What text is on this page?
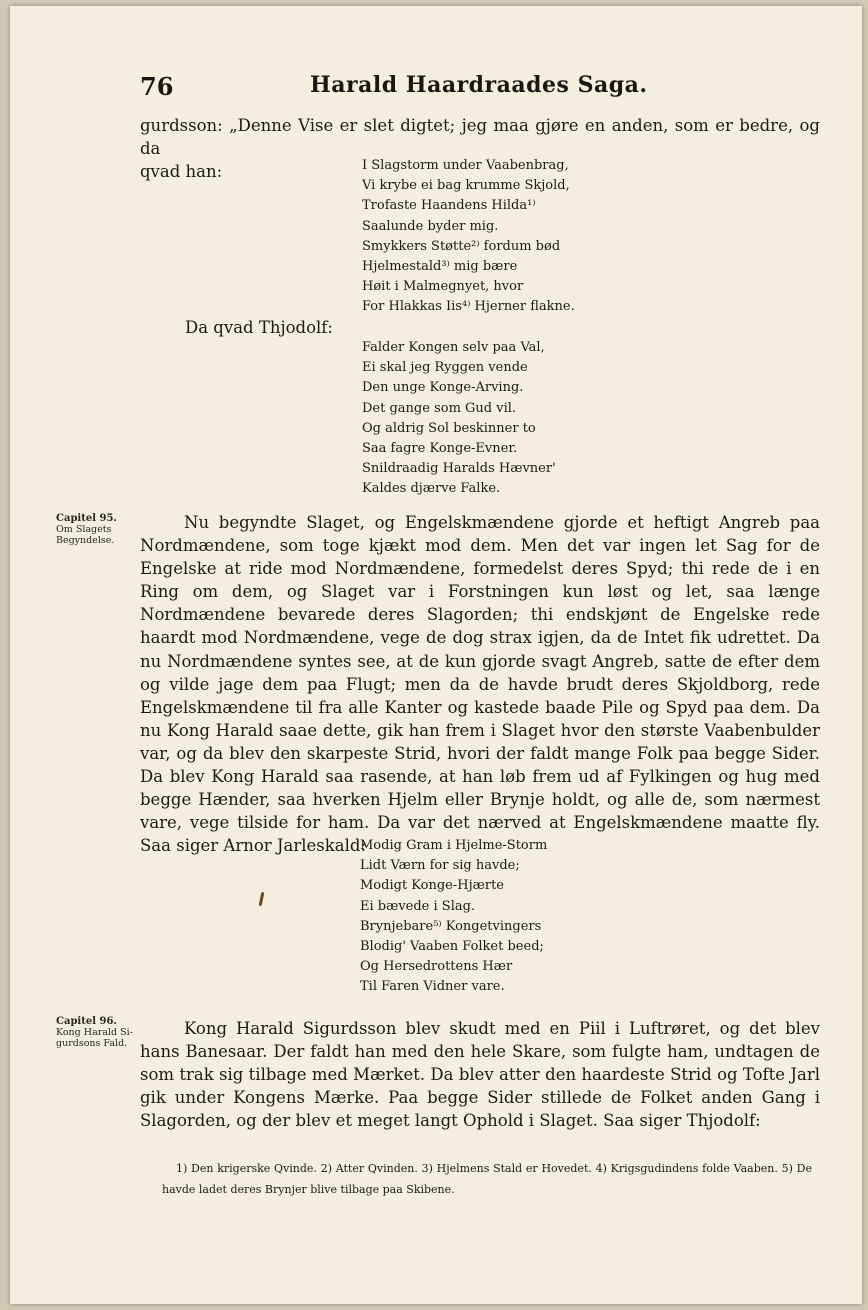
76	Harald Haardraades Saga.

gurdsson: „Denne Vise er slet digtet; jeg maa gjøre en anden, som er bedre, og da

qvad han:	I Slagstorm under Vaabenbrag,
Vi krybe ei bag krumme Skjold,
Trofaste Haandens Hilda¹⁾
Saalunde byder mig.
Smykkers Støtte²⁾ fordum bød
Hjelmestald³⁾ mig bære
Høit i Malmegnyet, hvor
For Hlakkas Iis⁴⁾ Hjerner flakne.
Da qvad Thjodolf:
Falder Kongen selv paa Val,
Ei skal jeg Ryggen vende
Den unge Konge-Arving.
Det gange som Gud vil.
Og aldrig Sol beskinner to
Saa fagre Konge-Evner.
Snildraadig Haralds Hævner'
Kaldes djærve Falke.
Capitel 95.
Om Slagets
Begyndelse.

Nu begyndte Slaget, og Engelskmændene gjorde et heftigt Angreb paa Nordmændene, som toge kjækt mod dem. Men det var ingen let Sag for de Engelske at ride mod Nordmændene, formedelst deres Spyd; thi rede de i en Ring om dem, og Slaget var i Forstningen kun løst og let, saa længe Nordmændene bevarede deres Slagorden; thi endskjønt de Engelske rede haardt mod Nordmændene, vege de dog strax igjen, da de Intet fik udrettet. Da nu Nordmændene syntes see, at de kun gjorde svagt Angreb, satte de efter dem og vilde jage dem paa Flugt; men da de havde brudt deres Skjoldborg, rede Engelskmændene til fra alle Kanter og kastede baade Pile og Spyd paa dem. Da nu Kong Harald saae dette, gik han frem i Slaget hvor den største Vaabenbulder var, og da blev den skarpeste Strid, hvori der faldt mange Folk paa begge Sider. Da blev Kong Harald saa rasende, at han løb frem ud af Fylkingen og hug med begge Hænder, saa hverken Hjelm eller Brynje holdt, og alle de, som nærmest vare, vege tilside for ham. Da var det nærved at Engelskmændene maatte fly. Saa siger Arnor Jarleskald:

Modig Gram i Hjelme-Storm
Lidt Værn for sig havde;
Modigt Konge-Hjærte
Ei bævede i Slag.
Brynjebare⁵⁾ Kongetvingers
Blodig' Vaaben Folket beed;
Og Hersedrottens Hær
Til Faren Vidner vare.
Capitel 96.
Kong Harald Si-
gurdsons Fald.

Kong Harald Sigurdsson blev skudt med en Piil i Luftrøret, og det blev hans Banesaar. Der faldt han med den hele Skare, som fulgte ham, undtagen de som trak sig tilbage med Mærket. Da blev atter den haardeste Strid og Tofte Jarl gik under Kongens Mærke. Paa begge Sider stillede de Folket anden Gang i Slagorden, og der blev et meget langt Ophold i Slaget. Saa siger Thjodolf:

1) Den krigerske Qvinde. 2) Atter Qvinden. 3) Hjelmens Stald er Hovedet. 4) Krigsgudindens folde Vaaben. 5) De havde ladet deres Brynjer blive tilbage paa Skibene.
